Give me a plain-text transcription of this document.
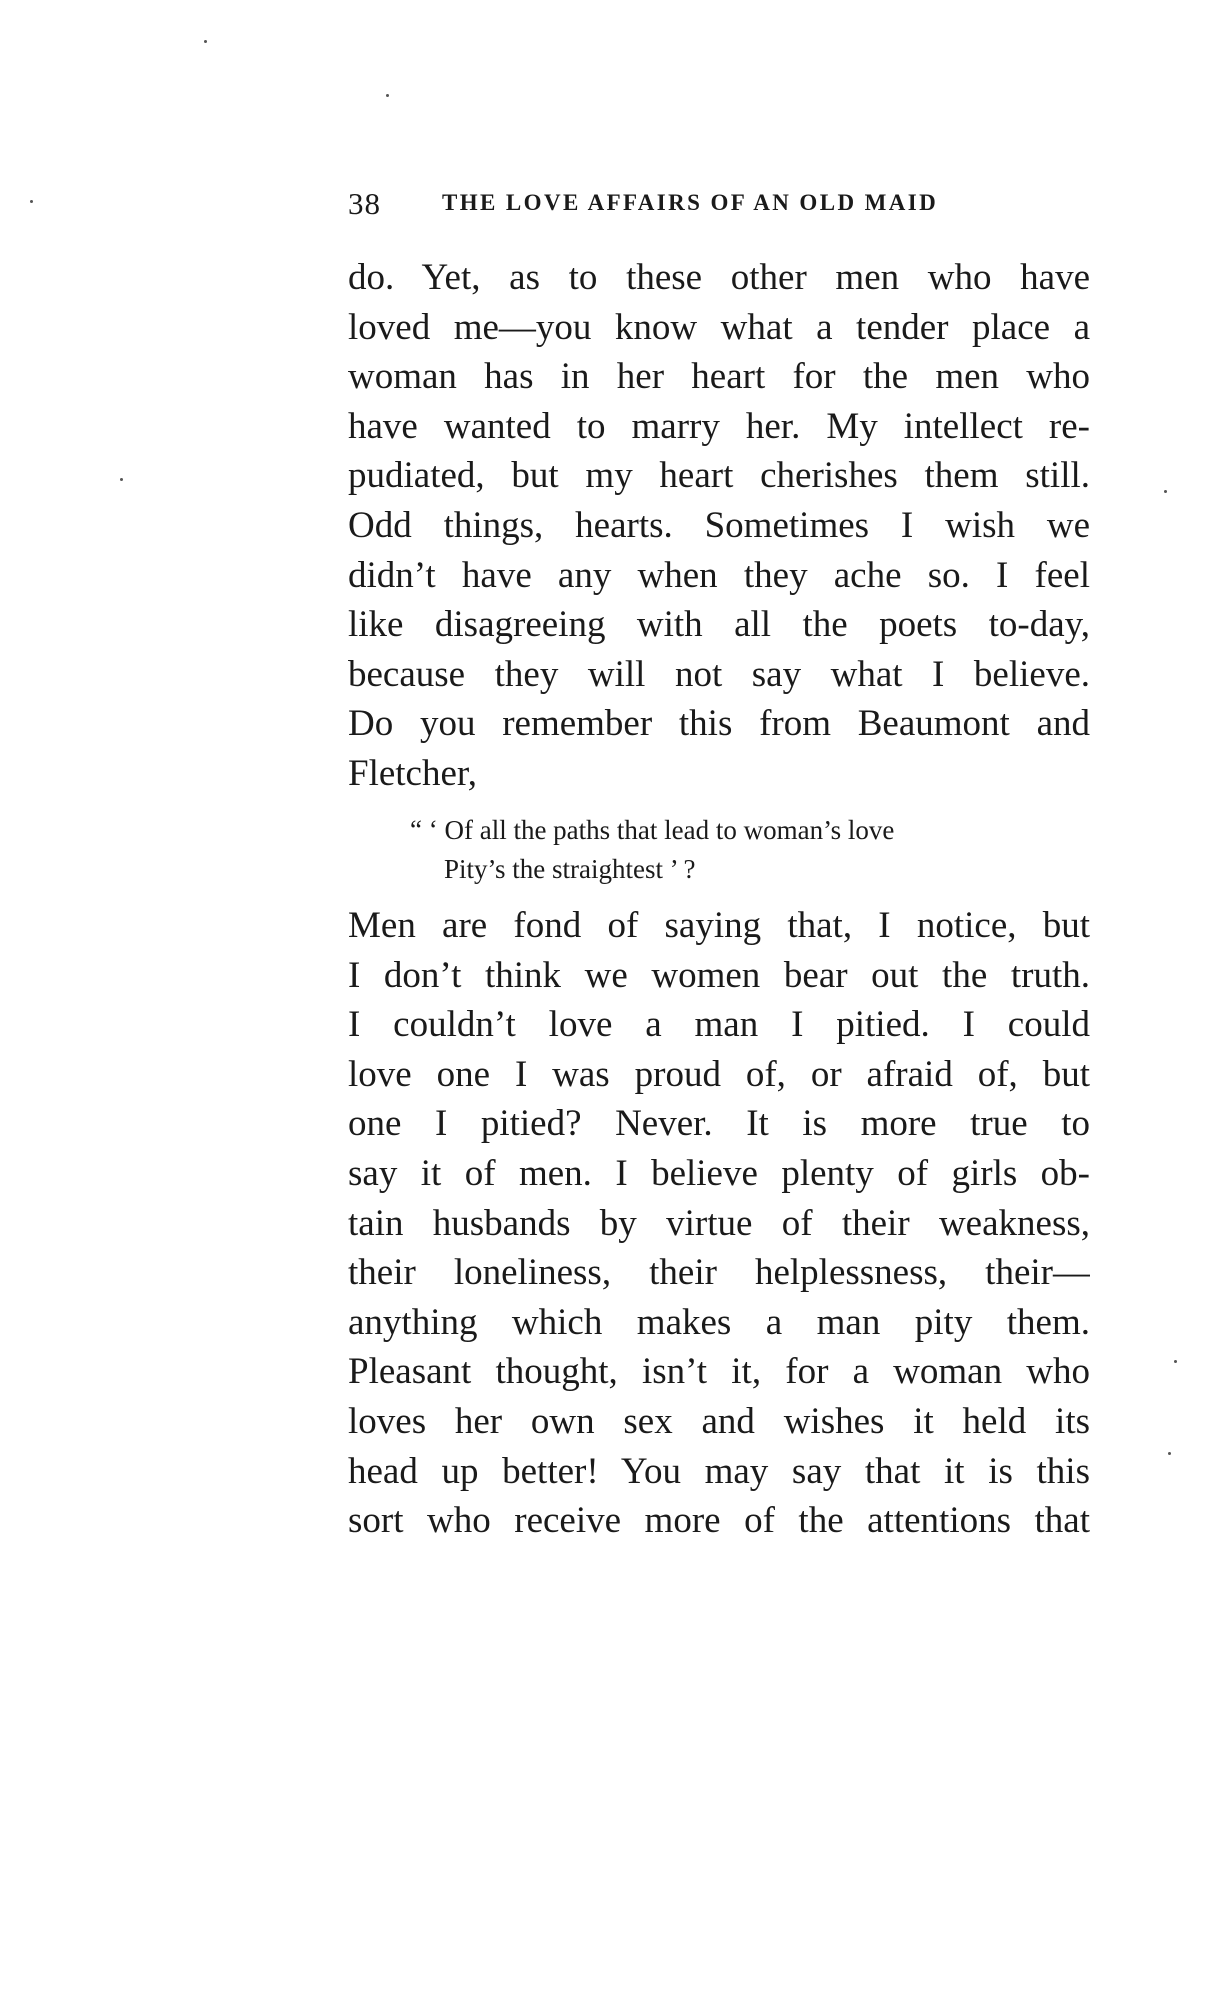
38	THE LOVE AFFAIRS OF AN OLD MAID
do. Yet, as to these other men who have
loved me—you know what a tender place a
woman has in her heart for the men who
have wanted to marry her. My intellect re-
pudiated, but my heart cherishes them still.
Odd things, hearts. Sometimes I wish we
didn’t have any when they ache so. I feel
like disagreeing with all the poets to-day,
because they will not say what I believe.
Do you remember this from Beaumont and
Fletcher,
“ ‘ Of all the paths that lead to woman’s love
Pity’s the straightest ’ ?
Men are fond of saying that, I notice, but
I don’t think we women bear out the truth.
I couldn’t love a man I pitied. I could
love one I was proud of, or afraid of, but
one I pitied? Never. It is more true to
say it of men. I believe plenty of girls ob-
tain husbands by virtue of their weakness,
their loneliness, their helplessness, their—
anything which makes a man pity them.
Pleasant thought, isn’t it, for a woman who
loves her own sex and wishes it held its
head up better! You may say that it is this
sort who receive more of the attentions that
